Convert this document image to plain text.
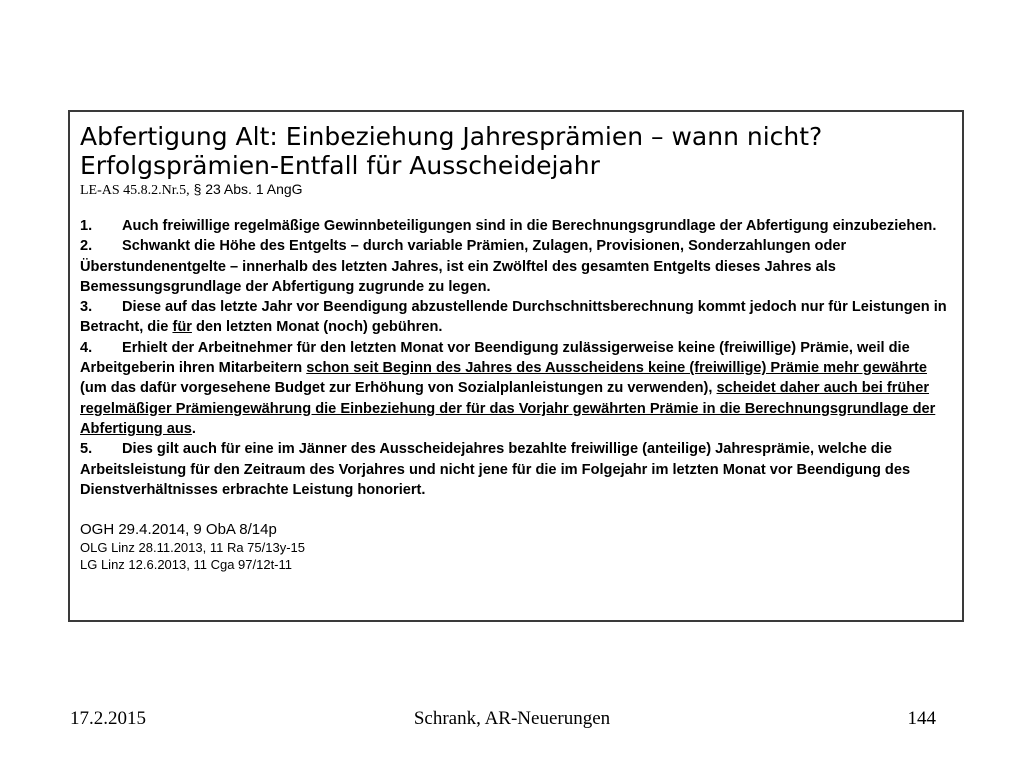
Abfertigung Alt: Einbeziehung Jahresprämien – wann nicht?
Erfolgsprämien-Entfall für Ausscheidejahr

LE-AS 45.8.2.Nr.5, § 23 Abs. 1 AngG

1. Auch freiwillige regelmäßige Gewinnbeteiligungen sind in die Berechnungsgrundlage der Abfertigung einzubeziehen.

2. Schwankt die Höhe des Entgelts – durch variable Prämien, Zulagen, Provisionen, Sonderzahlungen oder Überstundenentgelte – innerhalb des letzten Jahres, ist ein Zwölftel des gesamten Entgelts dieses Jahres als Bemessungsgrundlage der Abfertigung zugrunde zu legen.

3. Diese auf das letzte Jahr vor Beendigung abzustellende Durchschnittsberechnung kommt jedoch nur für Leistungen in Betracht, die für den letzten Monat (noch) gebühren.

4. Erhielt der Arbeitnehmer für den letzten Monat vor Beendigung zulässigerweise keine (freiwillige) Prämie, weil die Arbeitgeberin ihren Mitarbeitern schon seit Beginn des Jahres des Ausscheidens keine (freiwillige) Prämie mehr gewährte (um das dafür vorgesehene Budget zur Erhöhung von Sozialplanleistungen zu verwenden), scheidet daher auch bei früher regelmäßiger Prämiengewährung die Einbeziehung der für das Vorjahr gewährten Prämie in die Berechnungsgrundlage der Abfertigung aus.

5. Dies gilt auch für eine im Jänner des Ausscheidejahres bezahlte freiwillige (anteilige) Jahresprämie, welche die Arbeitsleistung für den Zeitraum des Vorjahres und nicht jene für die im Folgejahr im letzten Monat vor Beendigung des Dienstverhältnisses erbrachte Leistung honoriert.

OGH 29.4.2014, 9 ObA 8/14p

OLG Linz 28.11.2013, 11 Ra 75/13y-15

LG Linz 12.6.2013, 11 Cga 97/12t-11

17.2.2015	Schrank, AR-Neuerungen	144
